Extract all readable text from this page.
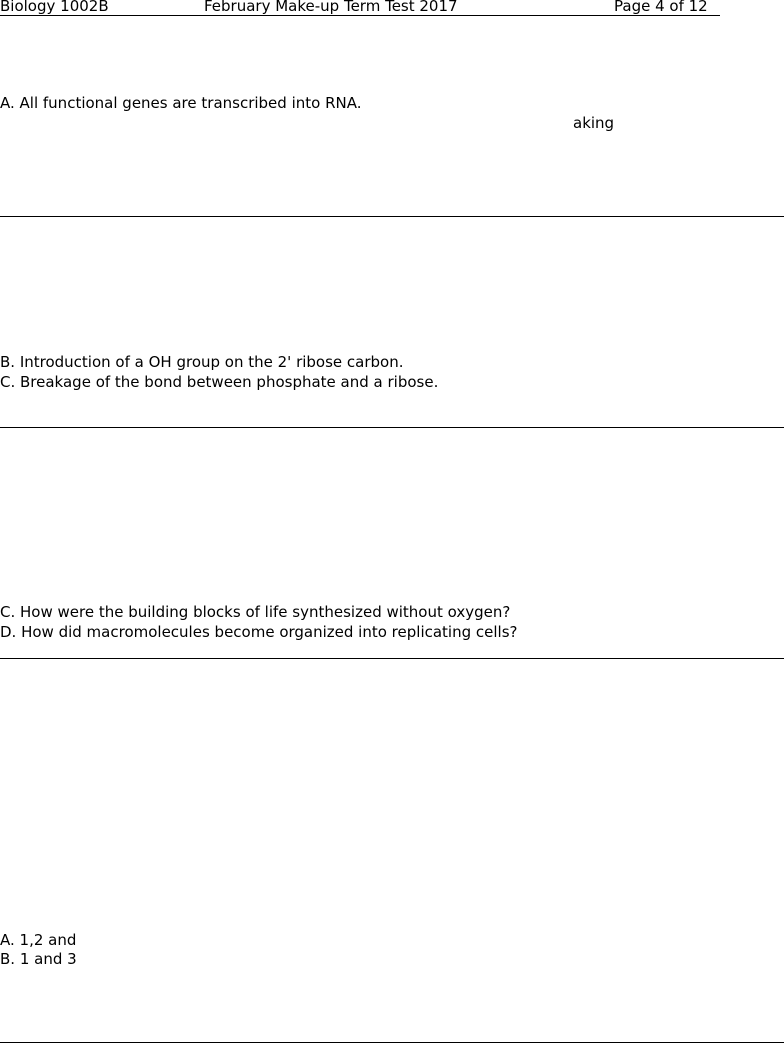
Biology 1002B	February Make-up Term Test 2017	Page 4 of 12
A. All functional genes are transcribed into RNA.
aking
B. Introduction of a OH group on the 2' ribose carbon.
C. Breakage of the bond between phosphate and a ribose.
C. How were the building blocks of life synthesized without oxygen?
D. How did macromolecules become organized into replicating cells?
A. 1,2 and
B. 1 and 3
